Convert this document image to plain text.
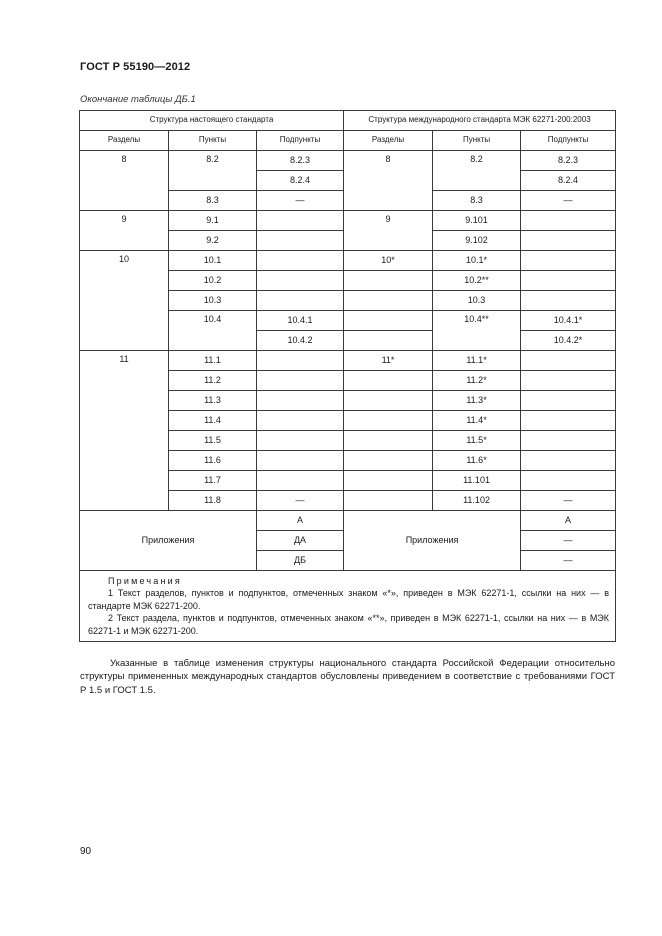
ГОСТ Р 55190—2012
Окончание таблицы ДБ.1
Структура настоящего стандарта			Структура международного стандарта МЭК 62271-200:2003		
Разделы	Пункты	Подпункты	Разделы	Пункты	Подпункты
8	8.2	8.2.3	8	8.2	8.2.3
		8.2.4			8.2.4
	8.3	—		8.3	—
9	9.1		9	9.101	
	9.2			9.102	
10	10.1		10*	10.1*	
	10.2			10.2**	
	10.3			10.3	
	10.4	10.4.1		10.4**	10.4.1*
		10.4.2			10.4.2*
11	11.1		11*	11.1*	
	11.2			11.2*	
	11.3			11.3*	
	11.4			11.4*	
	11.5			11.5*	
	11.6			11.6*	
	11.7			11.101	
	11.8	—		11.102	—
Приложения		А	Приложения		А
		ДА			—
		ДБ			—

Примечания
1 Текст разделов, пунктов и подпунктов, отмеченных знаком «*», приведен в МЭК 62271-1, ссылки на них — в стандарте МЭК 62271-200.
2 Текст раздела, пунктов и подпунктов, отмеченных знаком «**», приведен в МЭК 62271-1, ссылки на них — в МЭК 62271-1 и МЭК 62271-200.					
Указанные в таблице изменения структуры национального стандарта Российской Федерации относительно структуры примененных международных стандартов обусловлены приведением в соответствие с требованиями ГОСТ Р 1.5 и ГОСТ 1.5.
90
